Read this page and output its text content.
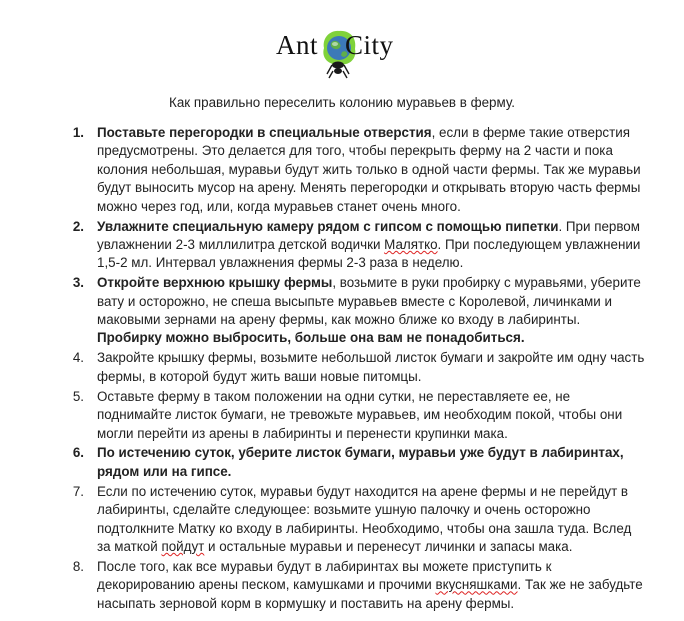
Ant City
Как правильно переселить колонию муравьев в ферму.
1. Поставьте перегородки в специальные отверстия, если в ферме такие отверстия предусмотрены. Это делается для того, чтобы перекрыть ферму на 2 части и пока колония небольшая, муравьи будут жить только в одной части фермы. Так же муравьи будут выносить мусор на арену. Менять перегородки и открывать вторую часть фермы можно через год, или, когда муравьев станет очень много.
2. Увлажните специальную камеру рядом с гипсом с помощью пипетки. При первом увлажнении 2-3 миллилитра детской водички Малятко. При последующем увлажнении 1,5-2 мл. Интервал увлажнения фермы 2-3 раза в неделю.
3. Откройте верхнюю крышку фермы, возьмите в руки пробирку с муравьями, уберите вату и осторожно, не спеша высыпьте муравьев вместе с Королевой, личинками и маковыми зернами на арену фермы, как можно ближе ко входу в лабиринты. Пробирку можно выбросить, больше она вам не понадобиться.
4. Закройте крышку фермы, возьмите небольшой листок бумаги и закройте им одну часть фермы, в которой будут жить ваши новые питомцы.
5. Оставьте ферму в таком положении на одни сутки, не переставляете ее, не поднимайте листок бумаги, не тревожьте муравьев, им необходим покой, чтобы они могли перейти из арены в лабиринты и перенести крупинки мака.
6. По истечению суток, уберите листок бумаги, муравьи уже будут в лабиринтах, рядом или на гипсе.
7. Если по истечению суток, муравьи будут находится на арене фермы и не перейдут в лабиринты, сделайте следующее: возьмите ушную палочку и очень осторожно подтолкните Матку ко входу в лабиринты. Необходимо, чтобы она зашла туда. Вслед за маткой пойдут и остальные муравьи и перенесут личинки и запасы мака.
8. После того, как все муравьи будут в лабиринтах вы можете приступить к декорированию арены песком, камушками и прочими вкусняшками. Так же не забудьте насыпать зерновой корм в кормушку и поставить на арену фермы.
